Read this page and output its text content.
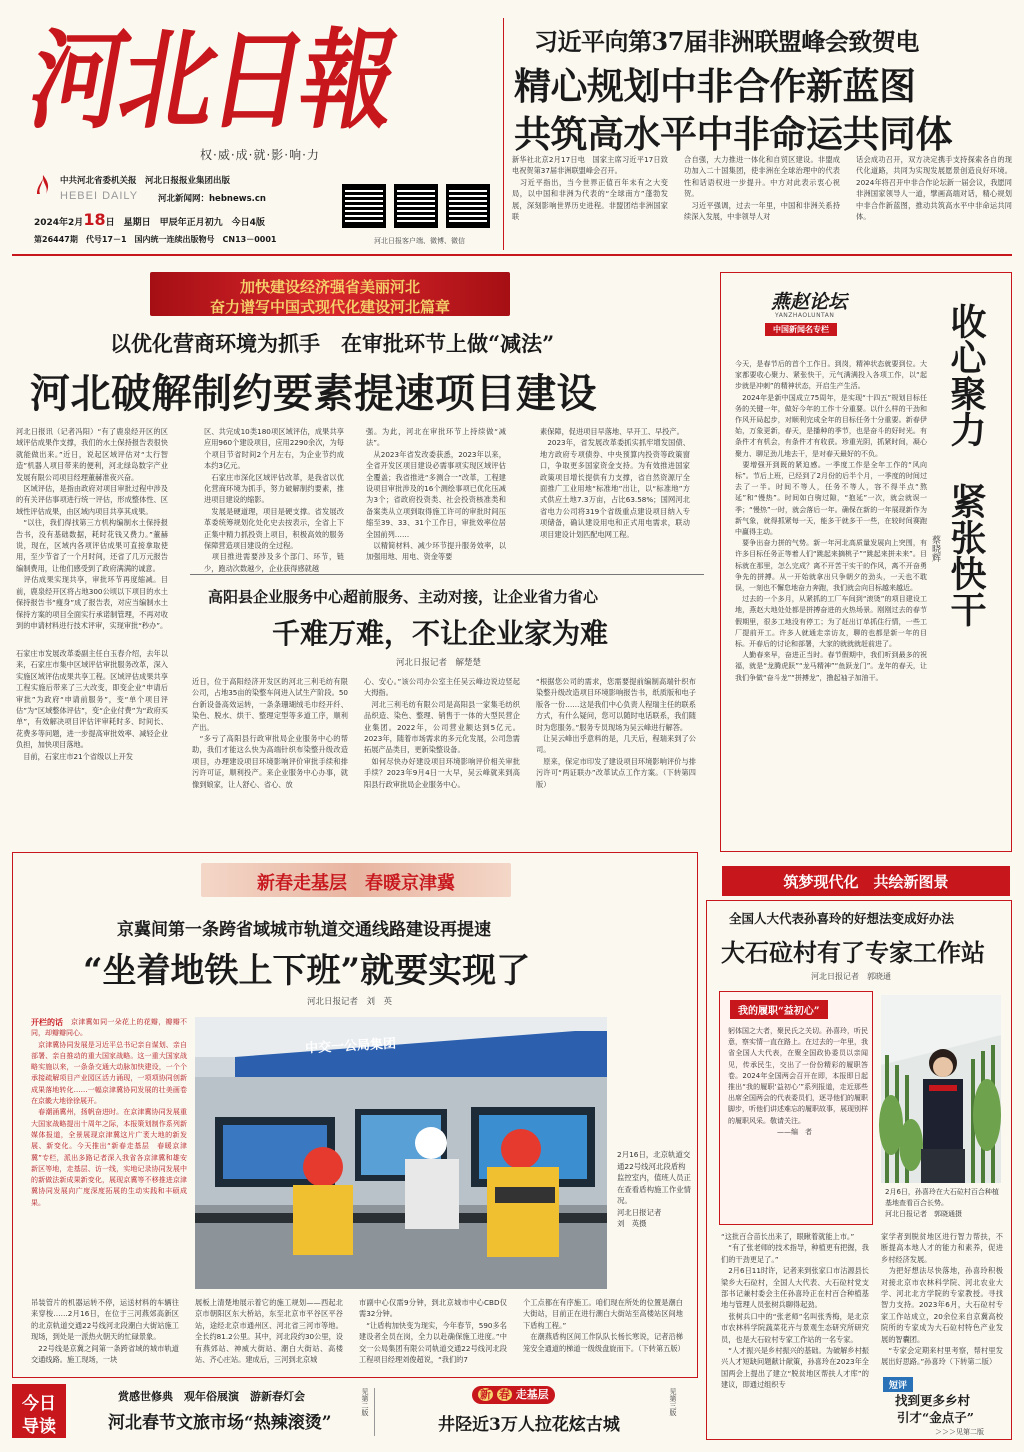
河北日報
权·威·成·就·影·响·力
中共河北省委机关报　河北日报报业集团出版
HEBEI DAILY 河北新闻网：hebnews.cn
2024年2月18日　星期日　甲辰年正月初九　今日4版
第26447期　代号17－1　国内统一连续出版物号　CN13－0001	河北日报客户端、微博、微信
习近平向第37届非洲联盟峰会致贺电
精心规划中非合作新蓝图
共筑高水平中非命运共同体
新华社北京2月17日电　国家主席习近平17日致电祝贺第37届非洲联盟峰会召开。
　习近平指出，当今世界正值百年未有之大变局，以中国和非洲为代表的“全球南方”蓬勃发展，深刻影响世界历史进程。非盟团结非洲国家联
合自强，大力推进一体化和自贸区建设。非盟成功加入二十国集团，使非洲在全球治理中的代表性和话语权进一步提升。中方对此表示衷心祝贺。
　习近平强调，过去一年里，中国和非洲关系持续深入发展，中非领导人对
话会成功召开，双方决定携手支持探索各自的现代化道路，共同为实现发展愿景创造良好环境。2024年将召开中非合作论坛新一届会议，我愿同非洲国家领导人一道，擘画高端对话，精心规划中非合作新蓝图，推动共筑高水平中非命运共同体。
加快建设经济强省美丽河北
奋力谱写中国式现代化建设河北篇章
以优化营商环境为抓手　在审批环节上做“减法”
河北破解制约要素提速项目建设
河北日报讯（记者冯阳）“有了鹿泉经开区的区域评估成果作支撑，我们的水土保持报告表很快就能做出来。”近日，说起区域评估对“太行智造”机器人项目带来的便利，河北绿岛数字产业发展有限公司项目经理董赫准夜兴奋。
　区域评估，是指由政府对项目审批过程中涉及的有关评估事项进行统一评估，形成整体性、区域性评估成果，由区域内项目共享其成果。
　“以往，我们得找第三方机构编制水土保持报告书，没有基础数据，耗时花钱又费力。”董赫说，现在，区域内各项评估成果可直接拿取使用，至少节省了一个月时间，还省了几万元报告编制费用，让他们感受到了政府满满的诚意。
　评估成果实现共享，审批环节再度缩减。目前，鹿泉经开区将占地300公顷以下项目的水土保持报告书“瘦身”成了报告表，对应当编制水土保持方案的项目全面实行承诺制管理，不再对收到的申请材料进行技术评审，实现审批“秒办”。
区、共完成10类180项区域评估，成果共享应用960个建设项目，应用2290余次，为每个项目节省时间2个月左右，为企业节约成本约3亿元。
　石家庄市深化区域评估改革，是我省以优化营商环境为抓手，努力破解制约要素，推进项目建设的缩影。
　发展是硬道理，项目是硬支撑。省发展改革委统筹规划化处化史去按表示，全省上下正集中精力抓投资上项目，积极高效的服务保障营造项目建设的全过程。
　项目推进需要涉及多个部门、环节，链少，跑动次数越少，企业获得感就越
强。为此，河北在审批环节上持续做“减法”。
　从2023年省发改委获悉，2023年以来，全省开发区项目建设必需事项实现区域评估全覆盖；我省推进“多测合一”改革，工程建设项目审批涉及的16个测绘事项已优化压减为3个；省政府投资类、社会投资核准类和备案类从立项到取得施工许可的审批时间压缩至39、33、31个工作日，审批效率位居全国前列……
　以精简材料、减少环节提升服务效率，以加强用地、用电、资金等要
素保障，促进项目早落地、早开工、早投产。
　2023年，省发展改革委抓实抓牢增发国债、地方政府专项债券、中央预算内投资等政策窗口，争取更多国家资金支持。为有效推进国家政策项目增长提供有力支撑，省自然资源厅全面推广工业用地“标准地”出让，以“标准地”方式供应土地7.3万亩，占比63.58%；国网河北省电力公司将319个省级重点建设项目纳入专项储备，确认建设用电和正式用电需求，联动项目建设计划匹配电网工程。
石家庄市发展改革委副主任白玉春介绍，去年以来，石家庄市集中区域评估审批服务改革，深入实施区域评估成果共享工程。区域评估成果共享工程实施后带来了三大改变，即变企业“申请后审批”为政府“申请前服务”，变“单个项目评估”为“区域整体评估”，变“企业付费”为“政府买单”，有效解决项目评估评审耗时多、时间长、花费多等问题，进一步提高审批效率、减轻企业负担，加快项目落地。
　目前，石家庄市21个省级以上开发
高阳县企业服务中心超前服务、主动对接，让企业省力省心
千难万难，不让企业家为难
河北日报记者　解楚楚
近日，位于高阳经济开发区的河北三利毛纺有限公司，占地35亩的染整车间进入试生产阶段。50台新设备高效运转，一条条珊瑚绒毛巾经开纤、染色、脱水、烘干、整理定型等多道工序，顺利产出。
　“多亏了高阳县行政审批局企业服务中心的帮助，我们才能这么快为高端针织布染整升级改造项目，办理建设项目环境影响评价审批手续和排污许可证，顺利投产。来企业服务中心办事，就像到娘家，让人舒心、省心、放
心、安心。”该公司办公室主任吴云峰边说边竖起大拇指。
　河北三利毛纺有限公司是高阳县一家集毛纺织品织造、染色、整理、销售于一体的大型民营企业集团。2022年，公司营业额达到5亿元。2023年，随着市场需求的多元化发展，公司急需拓展产品类目，更新染整设备。
　如何尽快办好建设项目环境影响评价相关审批手续？2023年9月4日一大早，吴云峰就来到高阳县行政审批局企业服务中心。
“根据您公司的需求，您需要提前编制高端针织布染整升级改造项目环境影响报告书，纸质版和电子版各一份……这是我们中心负责人程瑞主任的联系方式，有什么疑问，您可以随时电话联系，我们随时为您服务。”服务专员现场为吴云峰进行解答。
　让吴云峰出乎意料的是，几天后，程瑞来到了公司。
　原来，保定市印发了建设项目环境影响评价与排污许可“两证联办”改革试点工作方案。（下转第四版）
燕赵论坛
YANZHAOLUNTAN
中国新闻名专栏
今天，是春节后的首个工作日。到岗，精神状态就要到位。大家都要收心聚力、紧张快干，元气满满投入各项工作，以“起步就是冲刺”的精神状态，开启生产生活。
　2024年是新中国成立75周年，是实现“十四五”规划目标任务的关键一年，做好今年的工作十分重要。以什么样的干劲和作风开局起步，对顺利完成全年的目标任务十分重要。新春伊始，万象更新，春天，是播种的季节，也是奋斗的好时光。有条件才有机会，有条件才有收获。珍重光阴，抓紧时间，凝心聚力、聊足劲儿地去干，是对春天最好的不负。
　要增强开到既的紧迫感。一季度工作是全年工作的“风向标”。节后上班，已经到了2月份的后半个月，一季度的时间过去了一半。时间不等人，任务不等人，容不得半点“熬延”和“慢热”。时间如白驹过隙，“抱延”一次，就会就误一季；“慢热”一时，就会落后一年。确保在新的一年展现新作为新气象，就得抓紧每一天，能多干就多干一些，在较时间赛跑中赢得主动。
　要争出奋力拼的气势。新一年河北高质量发展向上突围，有许多目标任务正等着人们“跳起来摘桃子”“跳起来拼未来”。目标就在那里，怎么完成？离不开苦干实干的作风，离不开奋勇争先的拼搏。从一开始就拿出只争朝夕的劲头，一天也不耽误，一刻也不懈怠地奋力奔跑，我们就会向目标越来越近。
　过去的一个多月，从紧抓的工厂车间到“滚烫”的项目建设工地，燕赵大地处处都是拼搏奋进的火热场景。刚刚过去的春节假期里，很多工地没有停工；为了赶出订单抓住行情，一些工厂提前开工。许多人就通走亲访友，聊的也都是新一年的目标。开春后的讨论和部署，大家的就就就赶前进了。
　人勤春来早，奋进正当时。春节假期中，我们听到最多的祝福，就是“龙腾虎跃”“龙马精神”“鱼跃龙门”。龙年的春天，让我们争做“奋斗龙”“拼搏龙”，撸起袖子加油干。
收心聚力　紧张快干
蔡晓辉
新春走基层　春暖京津冀
京冀间第一条跨省域城市轨道交通线路建设再提速
“坐着地铁上下班”就要实现了
河北日报记者　刘　英
开栏的话	京津冀如同一朵花上的花瓣，瓣瓣不同，却瓣瓣同心。
　京津冀协同发展是习近平总书记亲自谋划、亲自部署、亲自推动的重大国家战略。这一重大国家战略实施以来，一条条交通大动脉加快建设，一个个承接疏解项目产业园区活力涌现，一项项协同创新成果落地转化……一幅京津冀协同发展的壮美画卷在京畿大地徐徐展开。
　春潮涌冀州，扬帆奋进时。在京津冀协同发展重大国家战略提出十周年之际，本报策划制作系列新媒体报道，全景展现京津冀这片广袤大地的新发展、新变化。今天推出“新春走基层　春暖京津冀”专栏，派出多路记者深入我省各京津冀和雄安新区等地，走基层、访一线，实地记录协同发展中的新做法新成果新变化，展现京冀等不移推进京津冀协同发展向广度深度拓展的生动实践和丰硕成果。
中交一公局集团
2月16日，北京轨道交通22号线河北段盾构监控室内，值班人员正在查看盾构施工作业情况。
河北日报记者
刘　英摄
吊装管片的机器运转不停，运送材料的车辆往来穿梭……2月16日，在位于三河燕郊高新区的北京轨道交通22号线河北段潮白大街站施工现场，到处是一派热火朝天的忙碌景象。
　22号线是京冀之间第一条跨省域的城市轨道交通线路。施工现场，一块
展板上清楚地展示着它的施工规划——西起北京市朝阳区东大桥站，东至北京市平谷区平谷站，途经北京市通州区、河北省三河市等地。全长约81.2公里。其中，河北段约30公里，设有燕郊站、神威大街站、潮白大街站、高楼站、齐心庄站。建成后，三河到北京城
市副中心仅需9分钟，到北京城市中心CBD仅需32分钟。
　“让盾构加快变为现实，今年春节，590多名建设者全员在岗，全力以赴确保施工进度。”中交一公局集团有限公司轨道交通22号线河北段工程项目经理刘俊超说，“我们的7
个工点都在有序施工。咱们现在所处的位置是潮白大街站，目前正在进行潮白大街站至高楼站区间地下盾构工程。”
　在潮燕盾构区间工作队队长杨长寒说，记者沿梯笼安全通道的梯道一级级盘旋而下。（下转第五版）
筑梦现代化　共绘新图景
全国人大代表孙喜玲的好想法变成好办法
大石砬村有了专家工作站
河北日报记者　郭晓通
我的履职“益初心”
躬体国之大者，聚民氏之关切。孙喜玲，听民意，察实情一直在路上。在过去的一年里，我省全国人大代表，在聚全国政协委员以亲闻见，传承民生，交出了一份份精彩的履职答卷。2024年全国两会召开在即，本报即日起推出“我的履职‘益初心’”系列报道，走近那些出席全国两会的代表委员们，逐寻他们的履职脚步，听他们讲述难忘的履职故事，展现别样的履职风采。敬请关注。
　　　　　　　——编　者
2月6日，孙喜玲在大石砬村百合种植基地查看百合长势。
河北日报记者　郭晓通摄
“这批百合苗长出来了，眼瞅着就能上市。”
　“有了张老师的技术指导，种植更有把握，我们的干劲更足了。”
　2月6日11时许，记者来到张家口市沽源县长梁乡大石砬村，全国人大代表、大石砬村党支部书记兼村委会主任孙喜玲正在村百合种植基地与管理人员张树兵聊得起劲。
　张树兵口中的“张老师”名叫张秀梅，是北京市农林科学院蔬菜花卉与景观生态研究所研究员，也是大石砬村专家工作站的一名专家。
　“人才振兴是乡村振兴的基础。为破解乡村振兴人才短缺问题献计献策，孙喜玲在2023年全国两会上提出了建立“脱贫地区帮扶人才库”的建议，即通过组织专
家学者到脱贫地区进行智力帮扶，不断提高本地人才的能力和素养，促进乡村经济发展。
　为把好想法尽快落地，孙喜玲积极对接北京市农林科学院、河北农业大学、河北北方学院的专家教授。寻找智力支持。2023年6月，大石砬村专家工作站成立，20余位来自京冀高校院所的专家成为大石砬村特色产业发展的智囊团。
　“专家会定期来村里考察，帮村里发展出好思路。”孙喜玲（下转第二版）
短评
找到更多乡村
引才“金点子”
＞＞＞见第二版
今日
导读
赏感世修典　观年俗展演　游新春灯会
河北春节文旅市场“热辣滚烫”
见第二版	新 春 走基层
井陉近3万人拉花炫古城
见第三版
